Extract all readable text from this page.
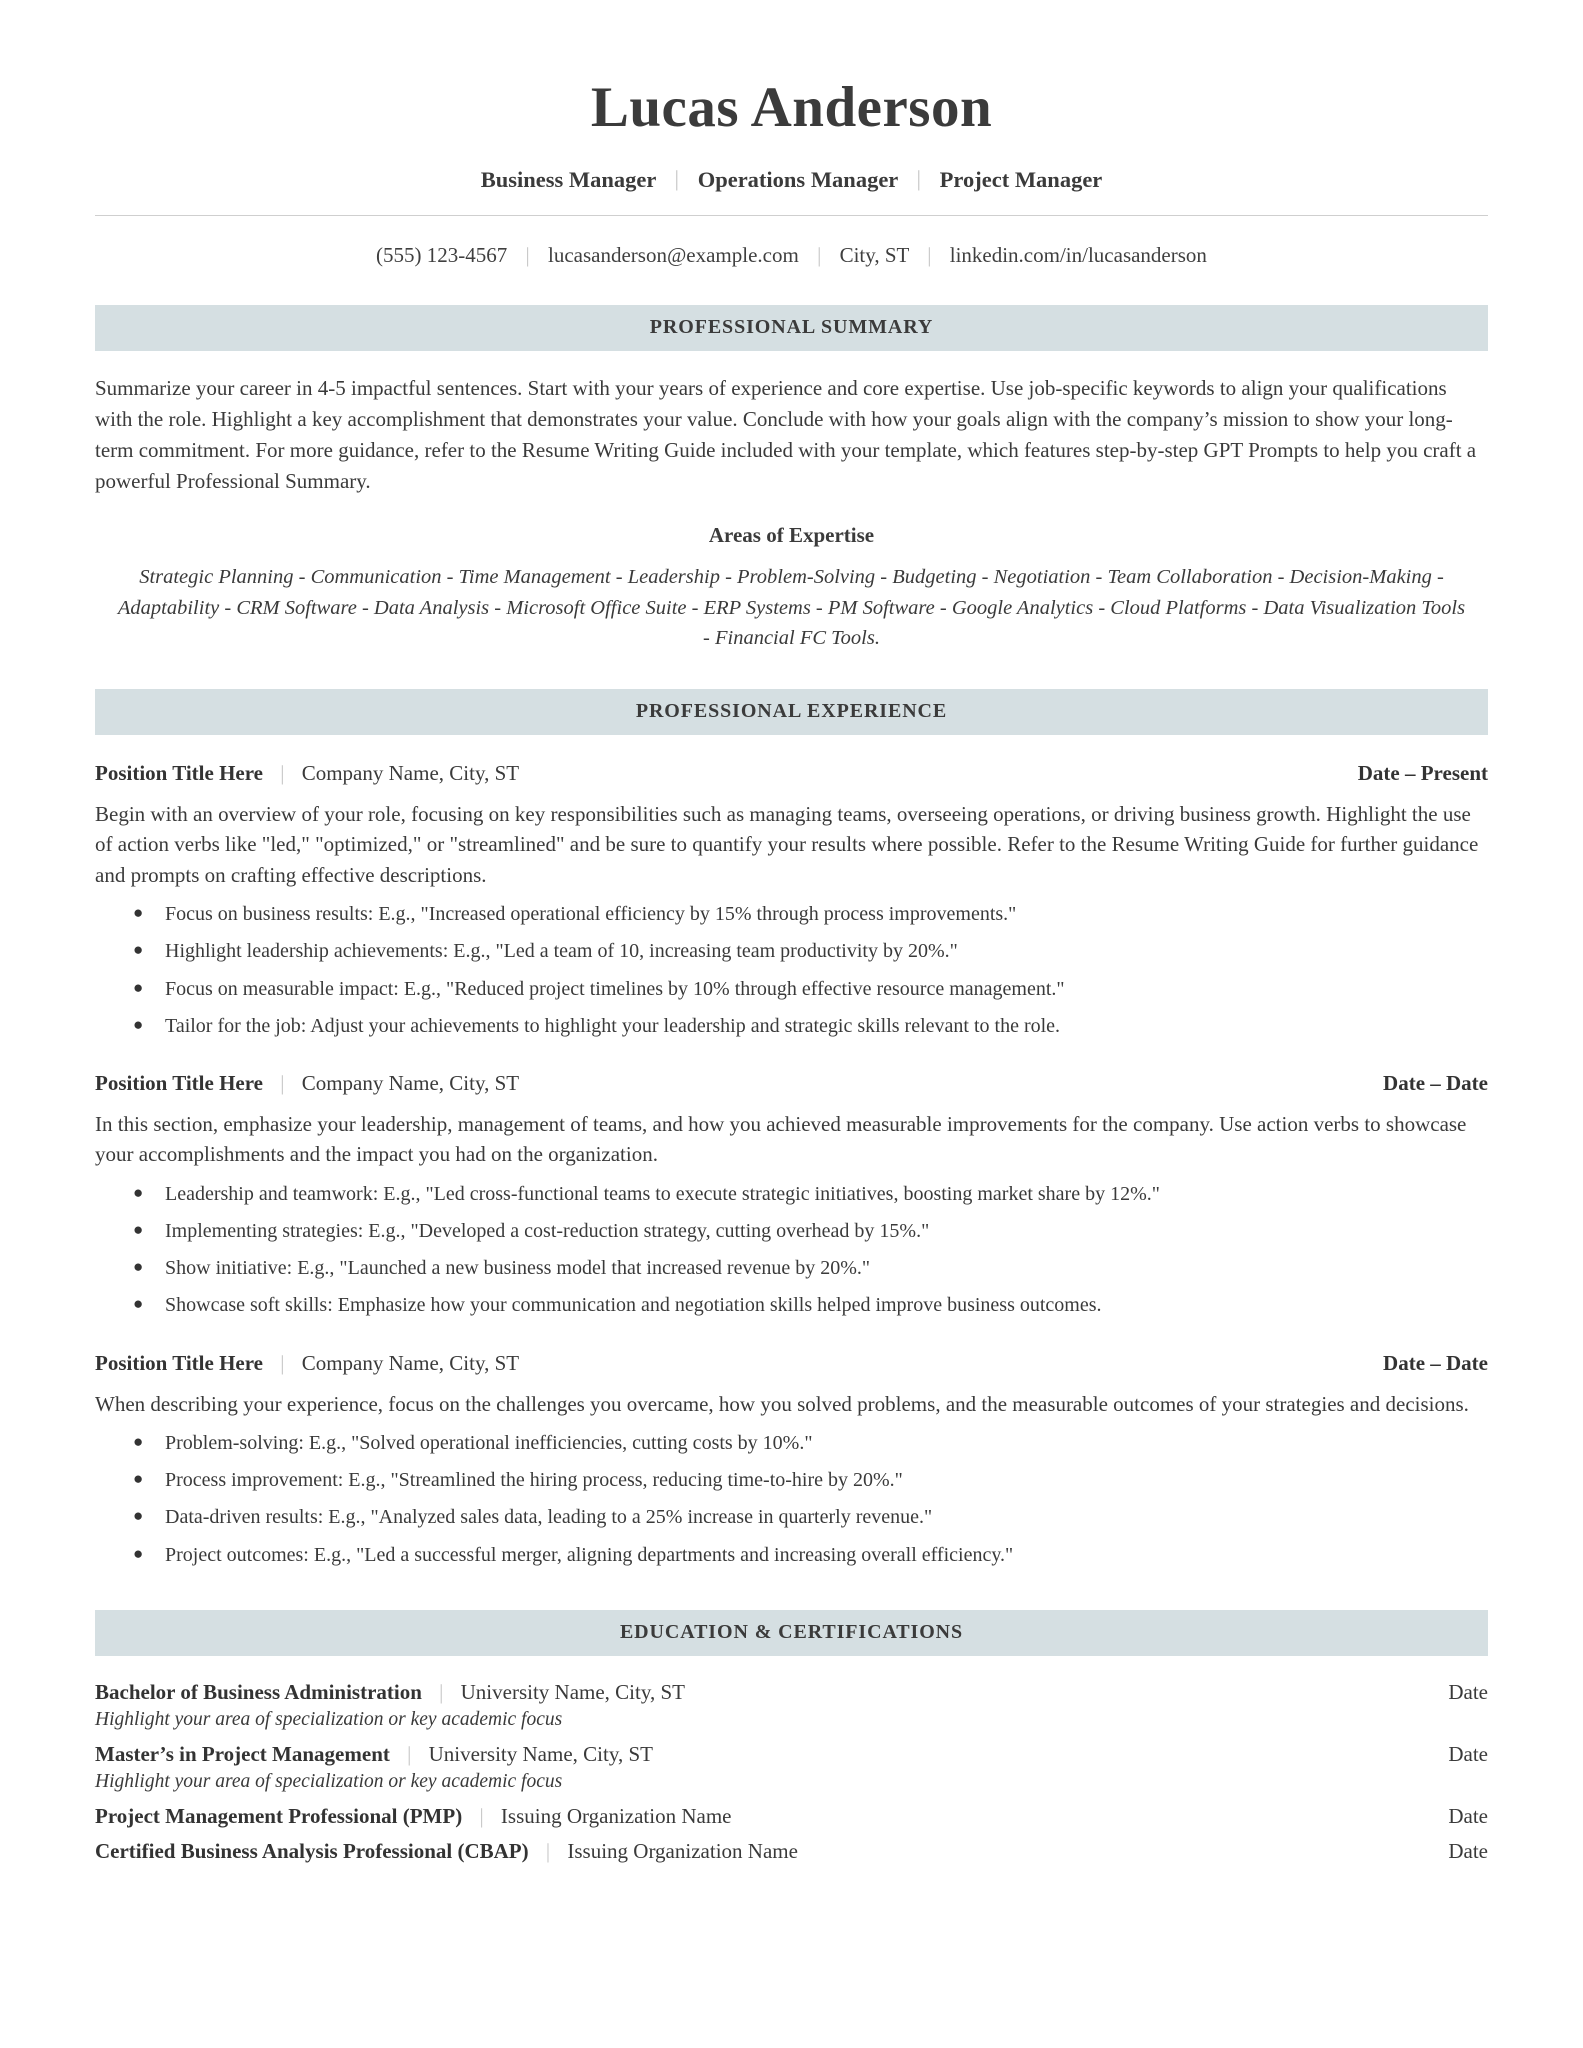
Lucas Anderson
Business Manager | Operations Manager | Project Manager
(555) 123-4567 | lucasanderson@example.com | City, ST | linkedin.com/in/lucasanderson
PROFESSIONAL SUMMARY
Summarize your career in 4-5 impactful sentences. Start with your years of experience and core expertise. Use job-specific keywords to align your qualifications with the role. Highlight a key accomplishment that demonstrates your value. Conclude with how your goals align with the company’s mission to show your long-term commitment. For more guidance, refer to the Resume Writing Guide included with your template, which features step-by-step GPT Prompts to help you craft a powerful Professional Summary.
Areas of Expertise
Strategic Planning - Communication - Time Management - Leadership - Problem-Solving - Budgeting - Negotiation - Team Collaboration - Decision-Making - Adaptability - CRM Software - Data Analysis - Microsoft Office Suite - ERP Systems - PM Software - Google Analytics - Cloud Platforms - Data Visualization Tools - Financial FC Tools.
PROFESSIONAL EXPERIENCE
Position Title Here | Company Name, City, ST	Date – Present
Begin with an overview of your role, focusing on key responsibilities such as managing teams, overseeing operations, or driving business growth. Highlight the use of action verbs like "led," "optimized," or "streamlined" and be sure to quantify your results where possible. Refer to the Resume Writing Guide for further guidance and prompts on crafting effective descriptions.
● Focus on business results: E.g., "Increased operational efficiency by 15% through process improvements."
● Highlight leadership achievements: E.g., "Led a team of 10, increasing team productivity by 20%."
● Focus on measurable impact: E.g., "Reduced project timelines by 10% through effective resource management."
● Tailor for the job: Adjust your achievements to highlight your leadership and strategic skills relevant to the role.
Position Title Here | Company Name, City, ST	Date – Date
In this section, emphasize your leadership, management of teams, and how you achieved measurable improvements for the company. Use action verbs to showcase your accomplishments and the impact you had on the organization.
● Leadership and teamwork: E.g., "Led cross-functional teams to execute strategic initiatives, boosting market share by 12%."
● Implementing strategies: E.g., "Developed a cost-reduction strategy, cutting overhead by 15%."
● Show initiative: E.g., "Launched a new business model that increased revenue by 20%."
● Showcase soft skills: Emphasize how your communication and negotiation skills helped improve business outcomes.
Position Title Here | Company Name, City, ST	Date – Date
When describing your experience, focus on the challenges you overcame, how you solved problems, and the measurable outcomes of your strategies and decisions.
● Problem-solving: E.g., "Solved operational inefficiencies, cutting costs by 10%."
● Process improvement: E.g., "Streamlined the hiring process, reducing time-to-hire by 20%."
● Data-driven results: E.g., "Analyzed sales data, leading to a 25% increase in quarterly revenue."
● Project outcomes: E.g., "Led a successful merger, aligning departments and increasing overall efficiency."
EDUCATION & CERTIFICATIONS
Bachelor of Business Administration | University Name, City, ST	Date
Highlight your area of specialization or key academic focus
Master’s in Project Management | University Name, City, ST	Date
Highlight your area of specialization or key academic focus
Project Management Professional (PMP) | Issuing Organization Name	Date
Certified Business Analysis Professional (CBAP) | Issuing Organization Name	Date
